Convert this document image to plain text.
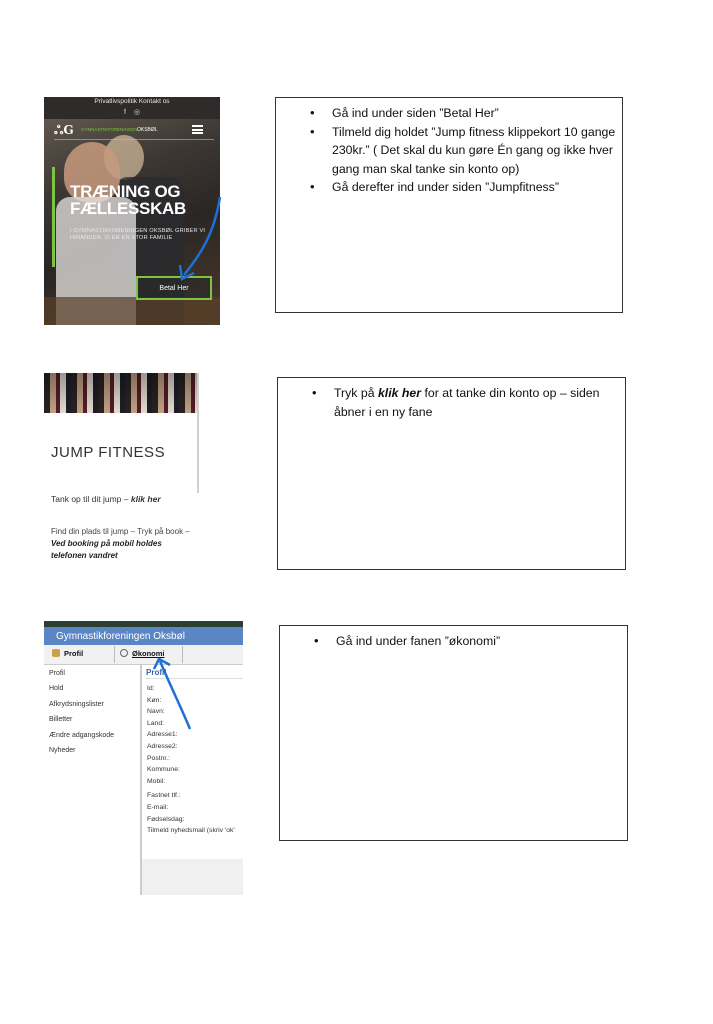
Privatlivspolitik Kontakt os
f ◎
ஃG GYMNASTIKFORENINGEN OKSBØL
TRÆNING OG
FÆLLESSKAB
I GYMNASTIKFORENINGEN OKSBØL GRIBER VI HINANDEN. VI ER EN STOR FAMILIE
Betal Her
• Gå ind under siden ”Betal Her”
• Tilmeld dig holdet ”Jump fitness klippekort 10 gange 230kr.” ( Det skal du kun gøre Én gang og ikke hver gang man skal tanke sin konto op)
• Gå derefter ind under siden ”Jumpfitness”
JUMP FITNESS
Tank op til dit jump – klik her
Find din plads til jump – Tryk på book – Ved booking på mobil holdes telefonen vandret
• Tryk på klik her for at tanke din konto op – siden åbner i en ny fane
Gymnastikforeningen Oksbøl
Profil	Økonomi
Profil
Hold
Afkrydsningslister
Billetter
Ændre adgangskode
Nyheder
Profil
Id:
Køn:
Navn:
Land:
Adresse1:
Adresse2:
Postnr.:
Kommune:
Mobil:
Fastnet tlf.:
E-mail:
Fødselsdag:
Tilmeld nyhedsmail (skriv 'ok'
• Gå ind under fanen ”økonomi”
